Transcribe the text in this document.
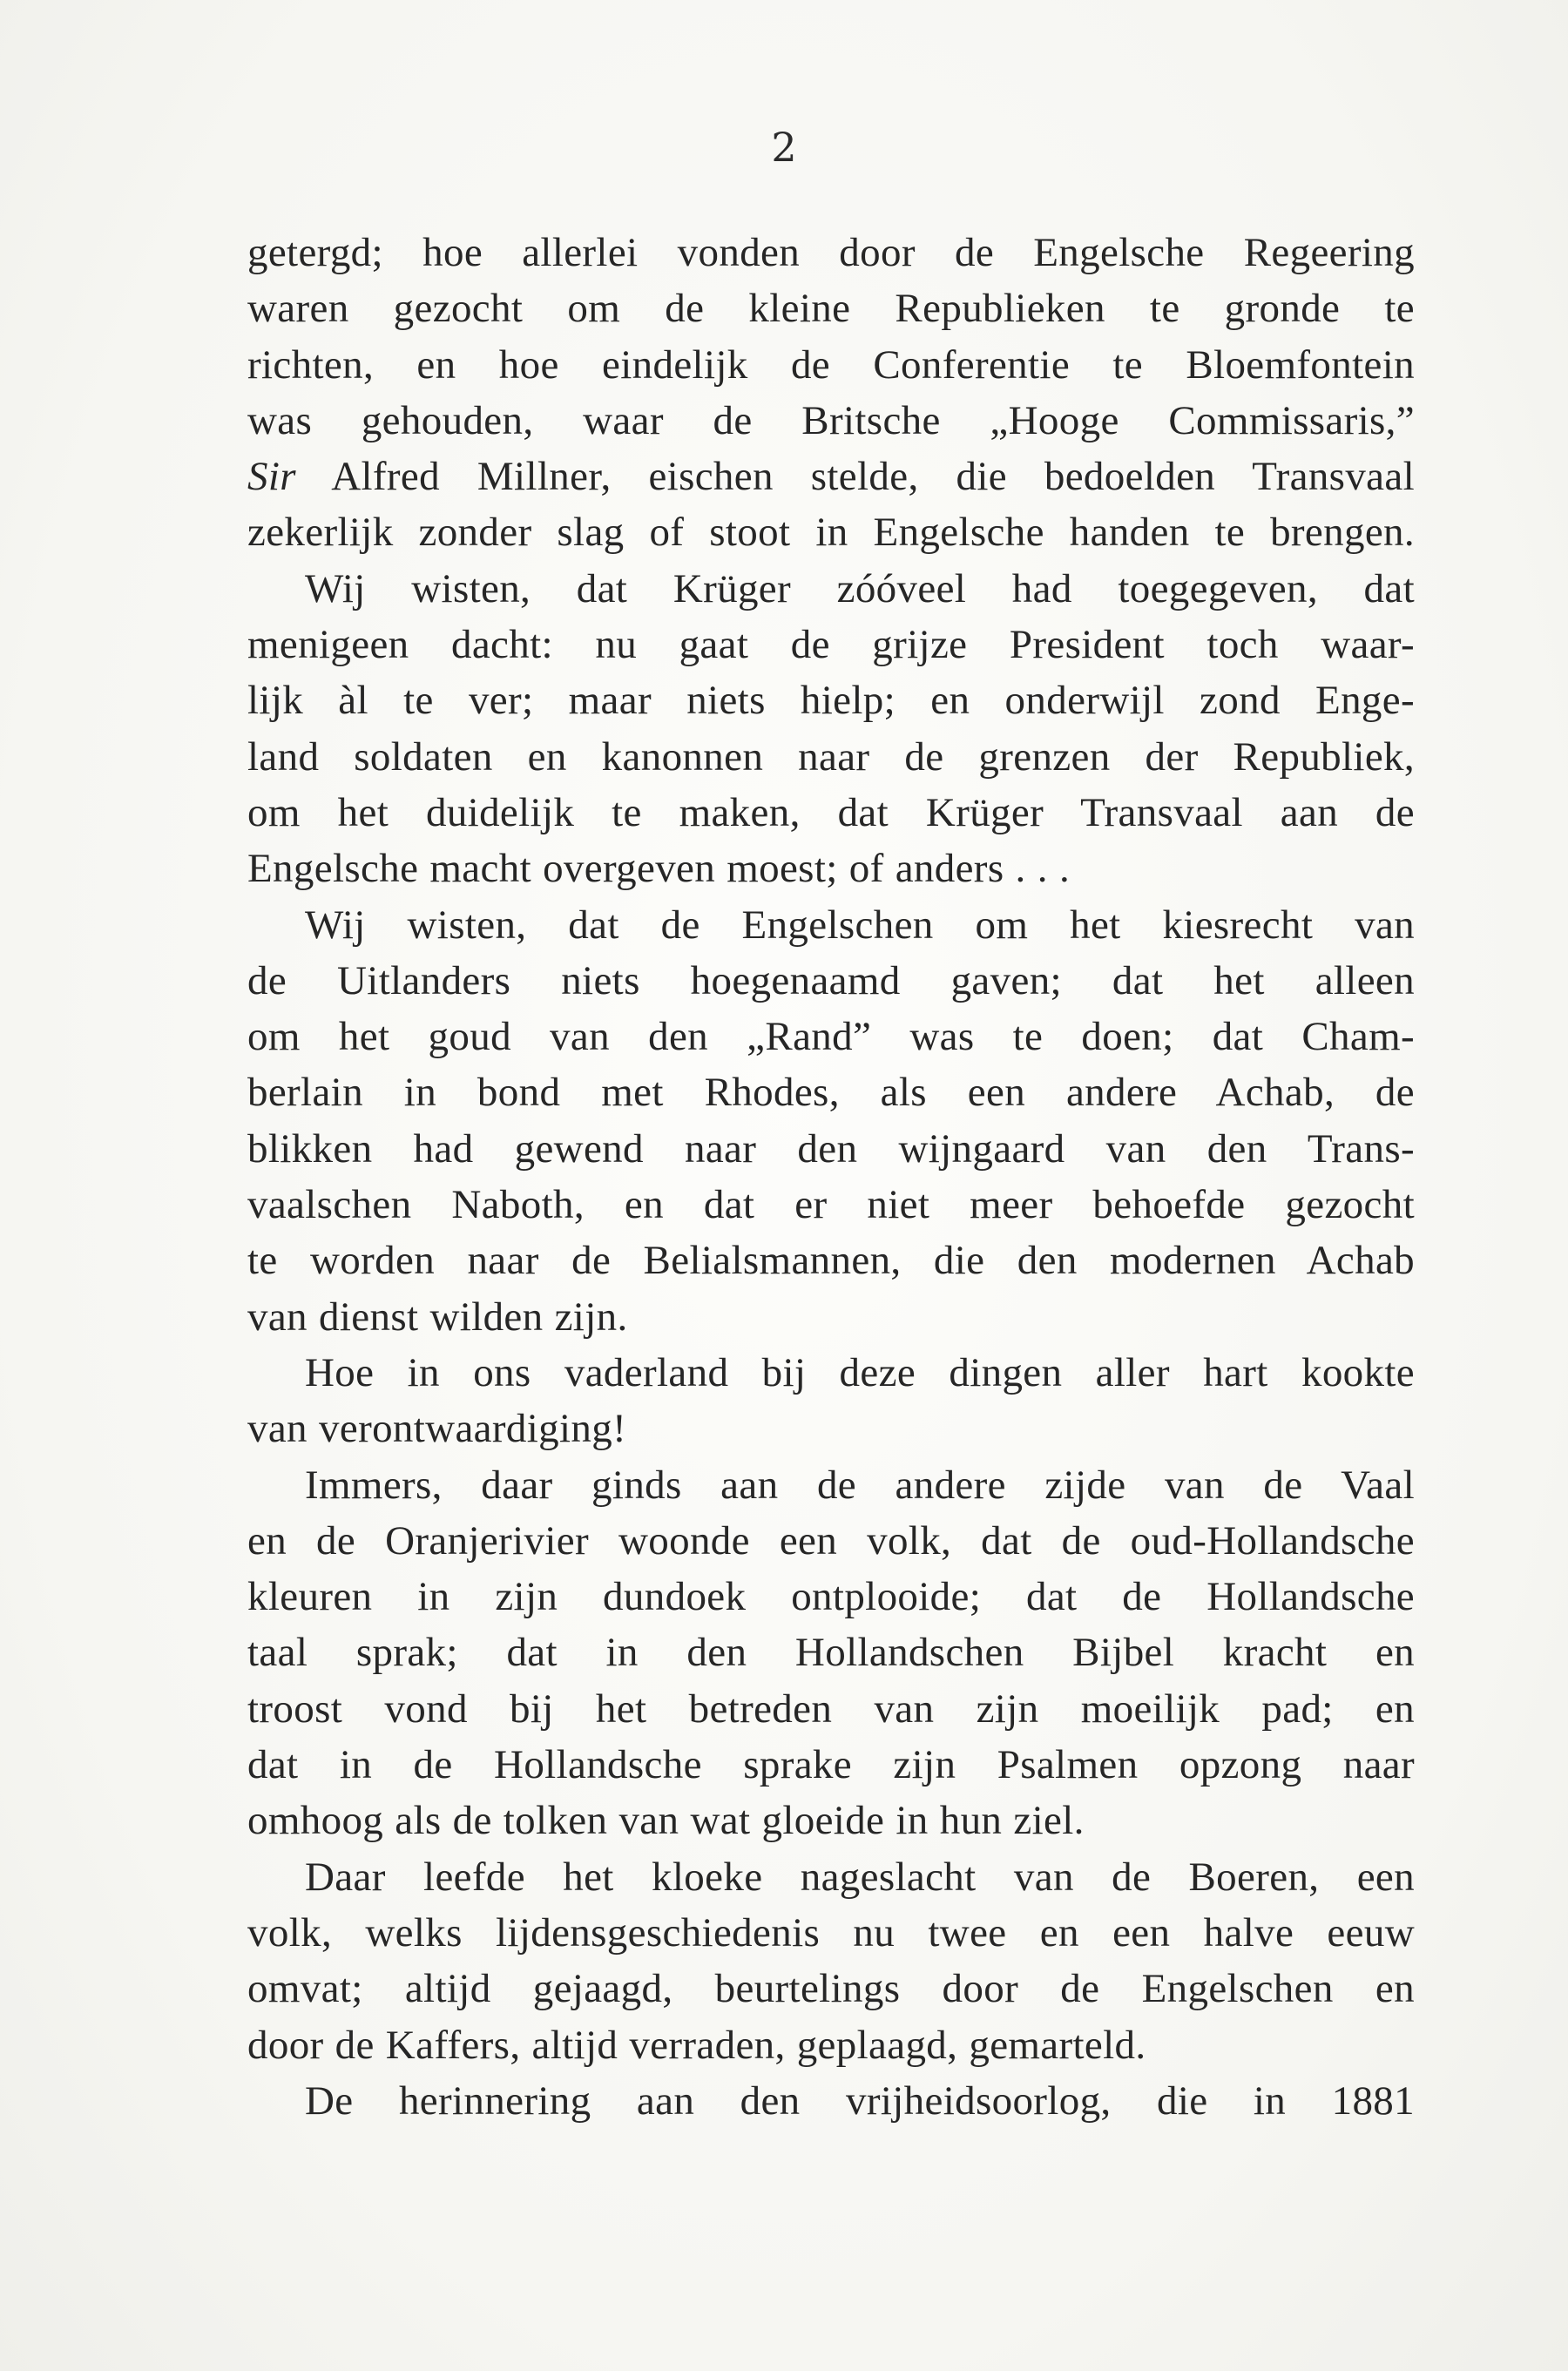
2
getergd; hoe allerlei vonden door de Engelsche Regeering
waren gezocht om de kleine Republieken te gronde te
richten, en hoe eindelijk de Conferentie te Bloemfontein
was gehouden, waar de Britsche „Hooge Commissaris,”
Sir Alfred Millner, eischen stelde, die bedoelden Transvaal
zekerlijk zonder slag of stoot in Engelsche handen te brengen.
Wij wisten, dat Krüger zóóveel had toegegeven, dat
menigeen dacht: nu gaat de grijze President toch waar-
lijk àl te ver; maar niets hielp; en onderwijl zond Enge-
land soldaten en kanonnen naar de grenzen der Republiek,
om het duidelijk te maken, dat Krüger Transvaal aan de
Engelsche macht overgeven moest; of anders . . .
Wij wisten, dat de Engelschen om het kiesrecht van
de Uitlanders niets hoegenaamd gaven; dat het alleen
om het goud van den „Rand” was te doen; dat Cham-
berlain in bond met Rhodes, als een andere Achab, de
blikken had gewend naar den wijngaard van den Trans-
vaalschen Naboth, en dat er niet meer behoefde gezocht
te worden naar de Belialsmannen, die den modernen Achab
van dienst wilden zijn.
Hoe in ons vaderland bij deze dingen aller hart kookte
van verontwaardiging!
Immers, daar ginds aan de andere zijde van de Vaal
en de Oranjerivier woonde een volk, dat de oud-Hollandsche
kleuren in zijn dundoek ontplooide; dat de Hollandsche
taal sprak; dat in den Hollandschen Bijbel kracht en
troost vond bij het betreden van zijn moeilijk pad; en
dat in de Hollandsche sprake zijn Psalmen opzong naar
omhoog als de tolken van wat gloeide in hun ziel.
Daar leefde het kloeke nageslacht van de Boeren, een
volk, welks lijdensgeschiedenis nu twee en een halve eeuw
omvat; altijd gejaagd, beurtelings door de Engelschen en
door de Kaffers, altijd verraden, geplaagd, gemarteld.
De herinnering aan den vrijheidsoorlog, die in 1881
